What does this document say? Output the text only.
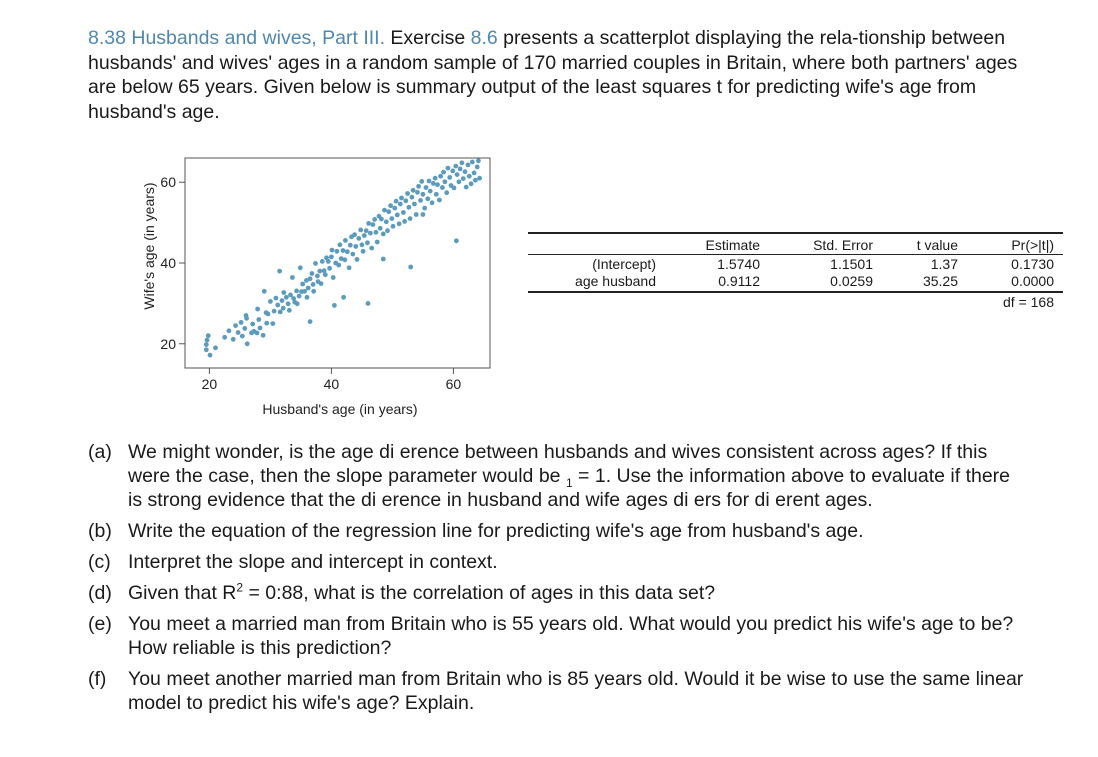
8.38 Husbands and wives, Part III. Exercise 8.6 presents a scatterplot displaying the rela-tionship between husbands' and wives' ages in a random sample of 170 married couples in Britain, where both partners' ages are below 65 years. Given below is summary output of the least squares t for predicting wife's age from husband's age.
20	40	60
20
40
60
Husband's age (in years)
Wife's age (in years)	Estimate	Std. Error	t value	Pr(>|t|)
(Intercept)	1.5740	1.1501	1.37	0.1730
age husband	0.9112	0.0259	35.25	0.0000
df = 168
(a) We might wonder, is the age di erence between husbands and wives consistent across ages? If this were the case, then the slope parameter would be $_1$ = 1. Use the information above to evaluate if there is strong evidence that the di erence in husband and wife ages di ers for di erent ages.
(b) Write the equation of the regression line for predicting wife's age from husband's age.
(c) Interpret the slope and intercept in context.
(d) Given that $R^2$ = 0:88, what is the correlation of ages in this data set?
(e) You meet a married man from Britain who is 55 years old. What would you predict his wife's age to be? How reliable is this prediction?
(f)	You meet another married man from Britain who is 85 years old. Would it be wise to use the same linear model to predict his wife's age? Explain.
